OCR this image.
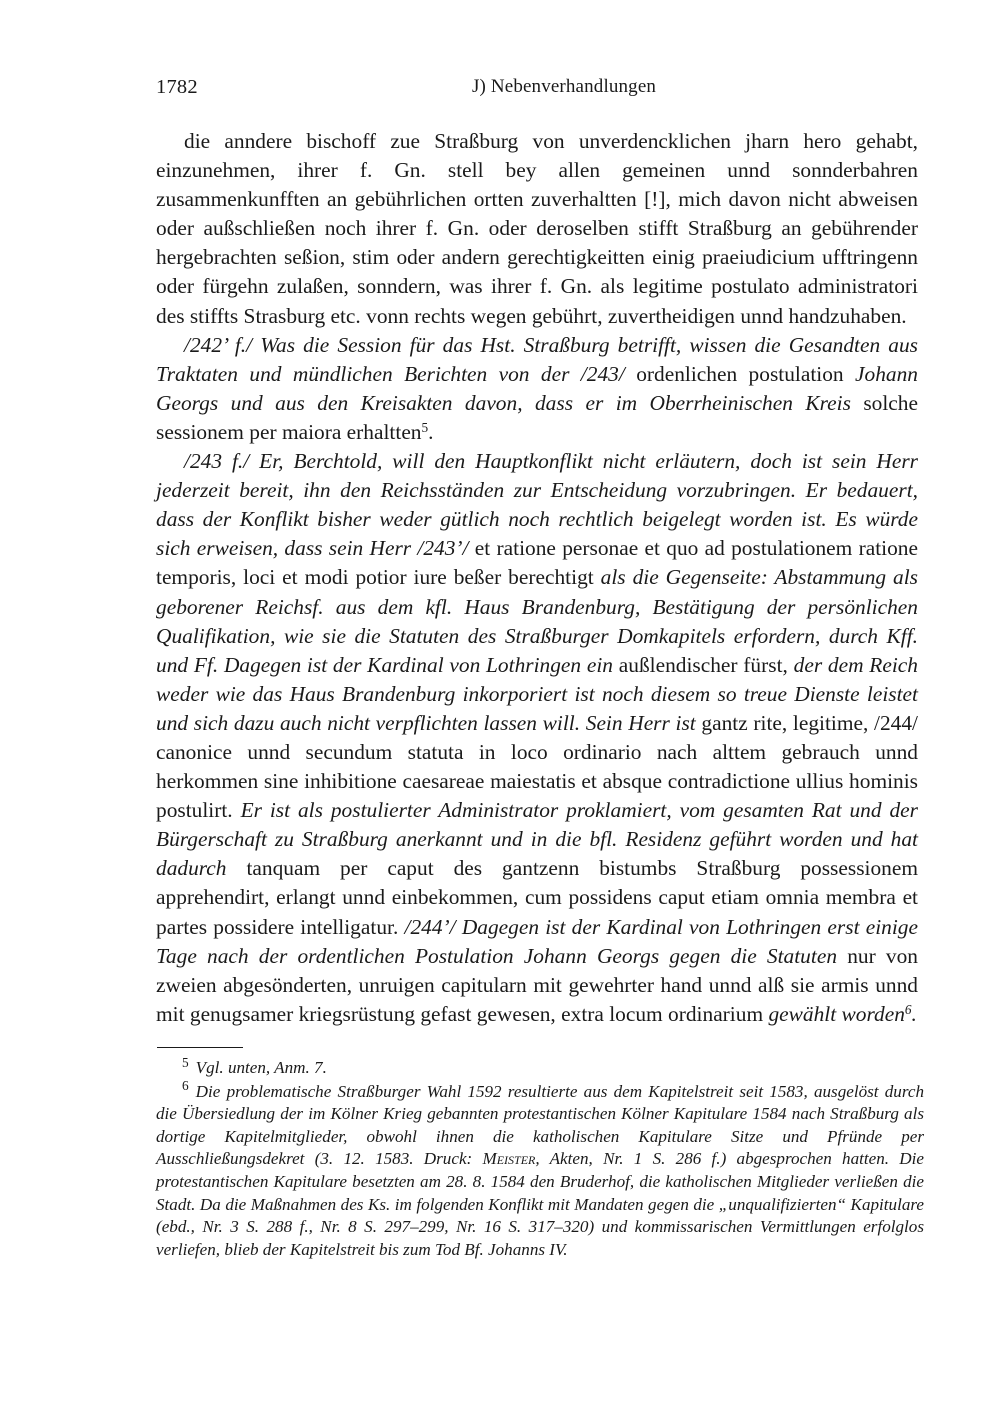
1782	J) Nebenverhandlungen

die anndere bischoff zue Straßburg von unverdencklichen jharn hero gehabt, einzunehmen, ihrer f. Gn. stell bey allen gemeinen unnd sonnderbahren zusammenkunfften an gebührlichen ortten zuverhaltten [!], mich davon nicht abweisen oder außschließen noch ihrer f. Gn. oder deroselben stifft Straßburg an gebührender hergebrachten seßion, stim oder andern gerechtigkeitten einig praeiudicium ufftringenn oder fürgehn zulaßen, sonndern, was ihrer f. Gn. als legitime postulato administratori des stiffts Strasburg etc. vonn rechts wegen gebührt, zuvertheidigen unnd handzuhaben.

/242’ f./ Was die Session für das Hst. Straßburg betrifft, wissen die Gesandten aus Traktaten und mündlichen Berichten von der /243/ ordenlichen postulation Johann Georgs und aus den Kreisakten davon, dass er im Oberrheinischen Kreis solche sessionem per maiora erhaltten$^5$.

/243 f./ Er, Berchtold, will den Hauptkonflikt nicht erläutern, doch ist sein Herr jederzeit bereit, ihn den Reichsständen zur Entscheidung vorzubringen. Er bedauert, dass der Konflikt bisher weder gütlich noch rechtlich beigelegt worden ist. Es würde sich erweisen, dass sein Herr /243’/ et ratione personae et quo ad postulationem ratione temporis, loci et modi potior iure beßer berechtigt als die Gegenseite: Abstammung als geborener Reichsf. aus dem kfl. Haus Brandenburg, Bestätigung der persönlichen Qualifikation, wie sie die Statuten des Straßburger Domkapitels erfordern, durch Kff. und Ff. Dagegen ist der Kardinal von Lothringen ein außlendischer fürst, der dem Reich weder wie das Haus Brandenburg inkorporiert ist noch diesem so treue Dienste leistet und sich dazu auch nicht verpflichten lassen will. Sein Herr ist gantz rite, legitime, /244/ canonice unnd secundum statuta in loco ordinario nach alttem gebrauch unnd herkommen sine inhibitione caesareae maiestatis et absque contradictione ullius hominis postulirt. Er ist als postulierter Administrator proklamiert, vom gesamten Rat und der Bürgerschaft zu Straßburg anerkannt und in die bfl. Residenz geführt worden und hat dadurch tanquam per caput des gantzenn bistumbs Straßburg possessionem apprehendirt, erlangt unnd einbekommen, cum possidens caput etiam omnia membra et partes possidere intelligatur. /244’/ Dagegen ist der Kardinal von Lothringen erst einige Tage nach der ordentlichen Postulation Johann Georgs gegen die Statuten nur von zweien abgesönderten, unruigen capitularn mit gewehrter hand unnd alß sie armis unnd mit genugsamer kriegsrüstung gefast gewesen, extra locum ordinarium gewählt worden$^6$.

$^5$ Vgl. unten, Anm. 7.

$^6$ Die problematische Straßburger Wahl 1592 resultierte aus dem Kapitelstreit seit 1583, ausgelöst durch die Übersiedlung der im Kölner Krieg gebannten protestantischen Kölner Kapitulare 1584 nach Straßburg als dortige Kapitelmitglieder, obwohl ihnen die katholischen Kapitulare Sitze und Pfründe per Ausschließungsdekret (3. 12. 1583. Druck: Meister, Akten, Nr. 1 S. 286 f.) abgesprochen hatten. Die protestantischen Kapitulare besetzten am 28. 8. 1584 den Bruderhof, die katholischen Mitglieder verließen die Stadt. Da die Maßnahmen des Ks. im folgenden Konflikt mit Mandaten gegen die „unqualifizierten“ Kapitulare (ebd., Nr. 3 S. 288 f., Nr. 8 S. 297–299, Nr. 16 S. 317–320) und kommissarischen Vermittlungen erfolglos verliefen, blieb der Kapitelstreit bis zum Tod Bf. Johanns IV.
